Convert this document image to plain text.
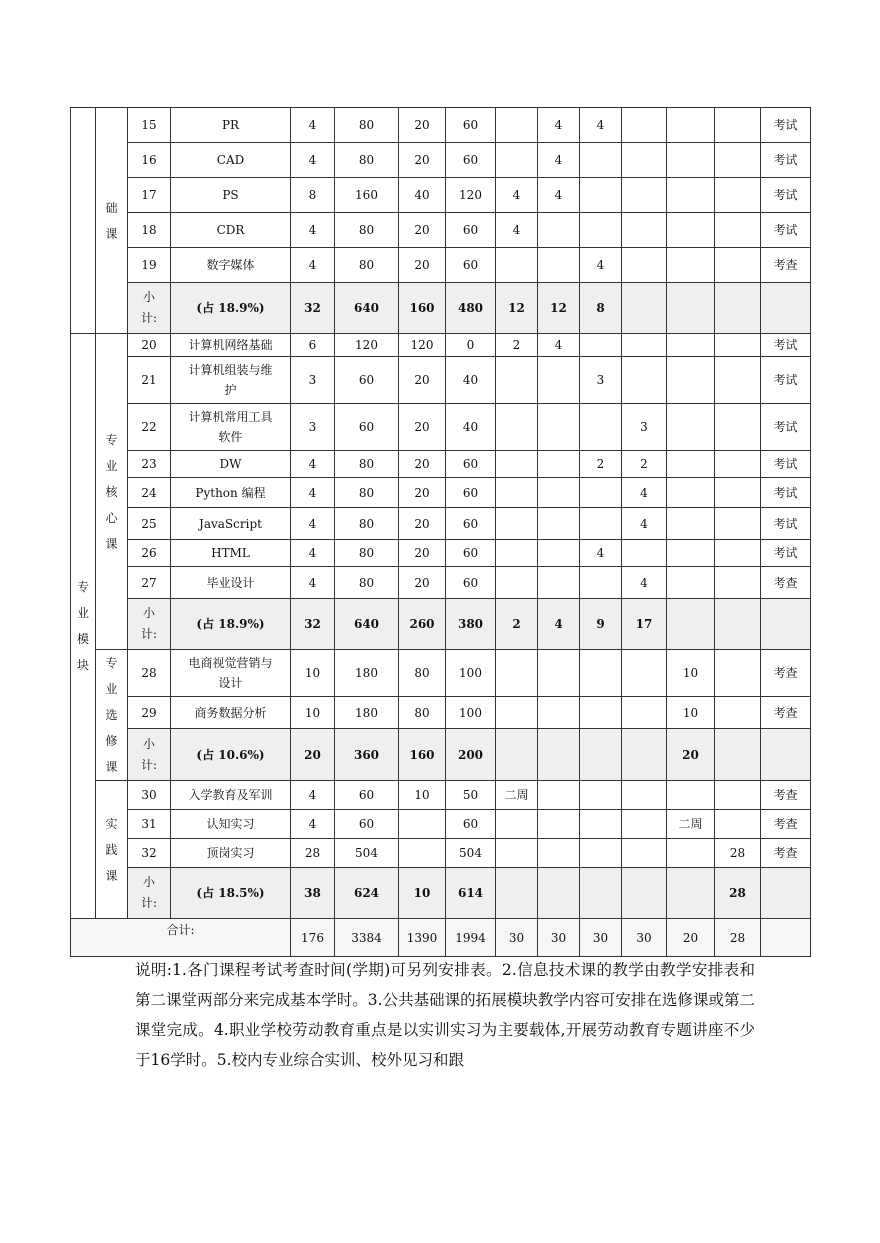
	础课	15	PR	4	80	20	60		4	4				考试
		16	CAD	4	80	20	60		4					考试
		17	PS	8	160	40	120	4	4					考试
		18	CDR	4	80	20	60	4						考试
		19	数字媒体	4	80	20	60			4				考查
		小计:	(占 18.9%)	32	640	160	480	12	12	8				

专业模块	专业核心课	20	计算机网络基础	6	120	120	0	2	4					考试
		21	计算机组装与维护	3	60	20	40			3				考试
		22	计算机常用工具软件	3	60	20	40				3			考试
		23	DW	4	80	20	60			2	2			考试
		24	Python 编程	4	80	20	60				4			考试
		25	JavaScript	4	80	20	60				4			考试
		26	HTML	4	80	20	60			4				考试
		27	毕业设计	4	80	20	60				4			考查
		小计:	(占 18.9%)	32	640	260	380	2	4	9	17			

	专业选修课	28	电商视觉营销与设计	10	180	80	100					10		考查
		29	商务数据分析	10	180	80	100					10		考查
		小计:	(占 10.6%)	20	360	160	200					20		

	实践课	30	入学教育及军训	4	60	10	50	二周						考查
		31	认知实习	4	60		60					二周		考查
		32	顶岗实习	28	504		504						28	考查
		小计:	(占 18.5%)	38	624	10	614						28	
合计:				176	3384	1390	1994	30	30	30	30	20	28	

说明:1.各门课程考试考查时间(学期)可另列安排表。2.信息技术课的教学由教学安排表和第二课堂两部分来完成基本学时。3.公共基础课的拓展模块教学内容可安排在选修课或第二课堂完成。4.职业学校劳动教育重点是以实训实习为主要载体,开展劳动教育专题讲座不少于16学时。5.校内专业综合实训、校外见习和跟
